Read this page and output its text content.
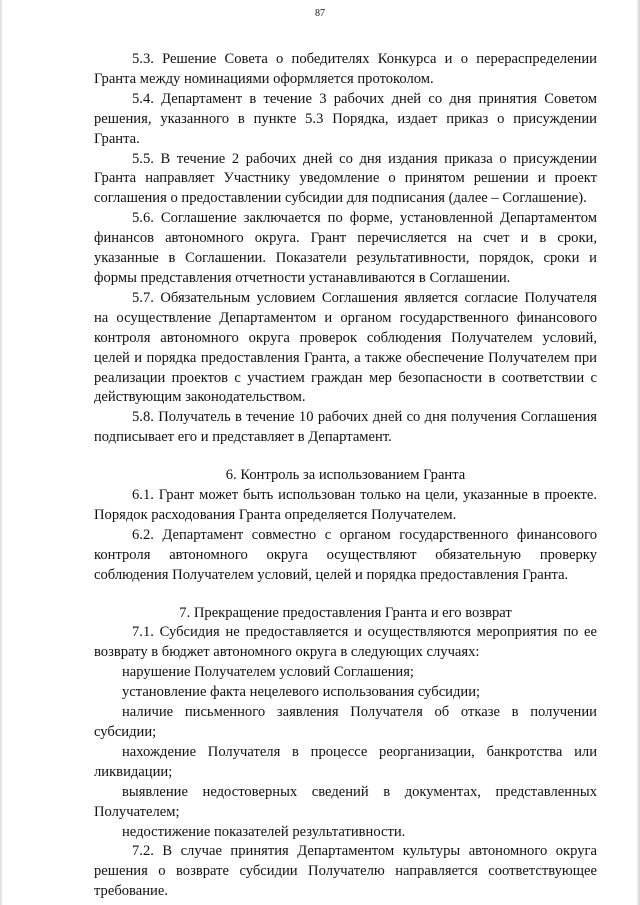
87

5.3. Решение Совета о победителях Конкурса и о перераспределении Гранта между номинациями оформляется протоколом.

5.4. Департамент в течение 3 рабочих дней со дня принятия Советом решения, указанного в пункте 5.3 Порядка, издает приказ о присуждении Гранта.

5.5. В течение 2 рабочих дней со дня издания приказа о присуждении Гранта направляет Участнику уведомление о принятом решении и проект соглашения о предоставлении субсидии для подписания (далее – Соглашение).

5.6. Соглашение заключается по форме, установленной Департаментом финансов автономного округа. Грант перечисляется на счет и в сроки, указанные в Соглашении. Показатели результативности, порядок, сроки и формы представления отчетности устанавливаются в Соглашении.

5.7. Обязательным условием Соглашения является согласие Получателя на осуществление Департаментом и органом государственного финансового контроля автономного округа проверок соблюдения Получателем условий, целей и порядка предоставления Гранта, а также обеспечение Получателем при реализации проектов с участием граждан мер безопасности в соответствии с действующим законодательством.

5.8. Получатель в течение 10 рабочих дней со дня получения Соглашения подписывает его и представляет в Департамент.

6. Контроль за использованием Гранта

6.1. Грант может быть использован только на цели, указанные в проекте. Порядок расходования Гранта определяется Получателем.

6.2. Департамент совместно с органом государственного финансового контроля автономного округа осуществляют обязательную проверку соблюдения Получателем условий, целей и порядка предоставления Гранта.

7. Прекращение предоставления Гранта и его возврат

7.1. Субсидия не предоставляется и осуществляются мероприятия по ее возврату в бюджет автономного округа в следующих случаях:

нарушение Получателем условий Соглашения;

установление факта нецелевого использования субсидии;

наличие письменного заявления Получателя об отказе в получении субсидии;

нахождение Получателя в процессе реорганизации, банкротства или ликвидации;

выявление недостоверных сведений в документах, представленных Получателем;

недостижение показателей результативности.

7.2. В случае принятия Департаментом культуры автономного округа решения о возврате субсидии Получателю направляется соответствующее требование.
